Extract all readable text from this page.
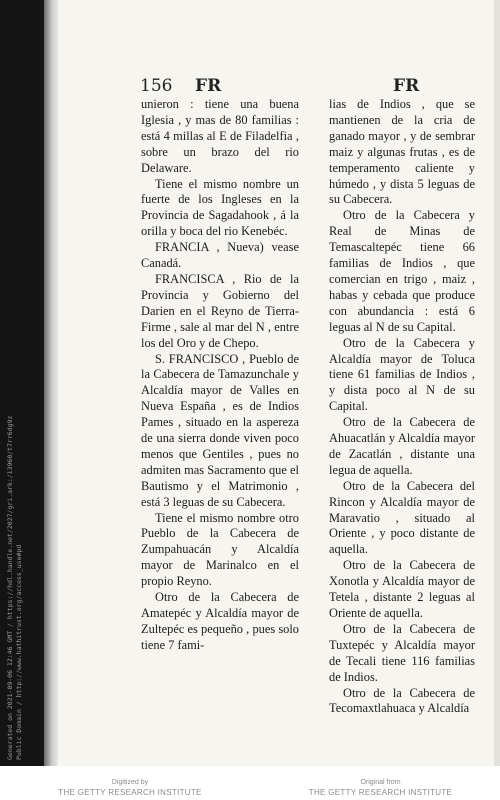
Generated on 2021-09-06 12:46 GMT / https://hdl.handle.net/2027/gri.ark:/13960/t7rr6dg9z Public Domain / http://www.hathitrust.org/access_use#pd
156 FR	FR

unieron : tiene una buena Iglesia , y mas de 80 familias : está 4 millas al E de Filadelfia , sobre un brazo del rio Delaware.

Tiene el mismo nombre un fuerte de los Ingleses en la Provincia de Sagadahook , á la orilla y boca del rio Kenebéc.

FRANCIA , Nueva) vease Canadá.

FRANCISCA , Rio de la Provincia y Gobierno del Darien en el Reyno de Tierra-Firme , sale al mar del N , entre los del Oro y de Chepo.

S. FRANCISCO , Pueblo de la Cabecera de Tamazunchale y Alcaldía mayor de Valles en Nueva España , es de Indios Pames , situado en la aspereza de una sierra donde viven poco menos que Gentiles , pues no admiten mas Sacramento que el Bautismo y el Matrimonio , está 3 leguas de su Cabecera.

Tiene el mismo nombre otro Pueblo de la Cabecera de Zumpahuacán y Alcaldía mayor de Marinalco en el propio Reyno.

Otro de la Cabecera de Amatepéc y Alcaldía mayor de Zultepéc es pequeño , pues solo tiene 7 fami-

lias de Indios , que se mantienen de la cria de ganado mayor , y de sembrar maiz y algunas frutas , es de temperamento caliente y húmedo , y dista 5 leguas de su Cabecera.

Otro de la Cabecera y Real de Minas de Temascaltepéc tiene 66 familias de Indios , que comercian en trigo , maiz , habas y cebada que produce con abundancia : está 6 leguas al N de su Capital.

Otro de la Cabecera y Alcaldía mayor de Toluca tiene 61 familias de Indios , y dista poco al N de su Capital.

Otro de la Cabecera de Ahuacatlán y Alcaldía mayor de Zacatlán , distante una legua de aquella.

Otro de la Cabecera del Rincon y Alcaldía mayor de Maravatio , situado al Oriente , y poco distante de aquella.

Otro de la Cabecera de Xonotla y Alcaldía mayor de Tetela , distante 2 leguas al Oriente de aquella.

Otro de la Cabecera de Tuxtepéc y Alcaldía mayor de Tecali tiene 116 familias de Indios.

Otro de la Cabecera de Tecomaxtlahuaca y Alcaldía

Digitized by
THE GETTY RESEARCH INSTITUTE
Original from
THE GETTY RESEARCH INSTITUTE
